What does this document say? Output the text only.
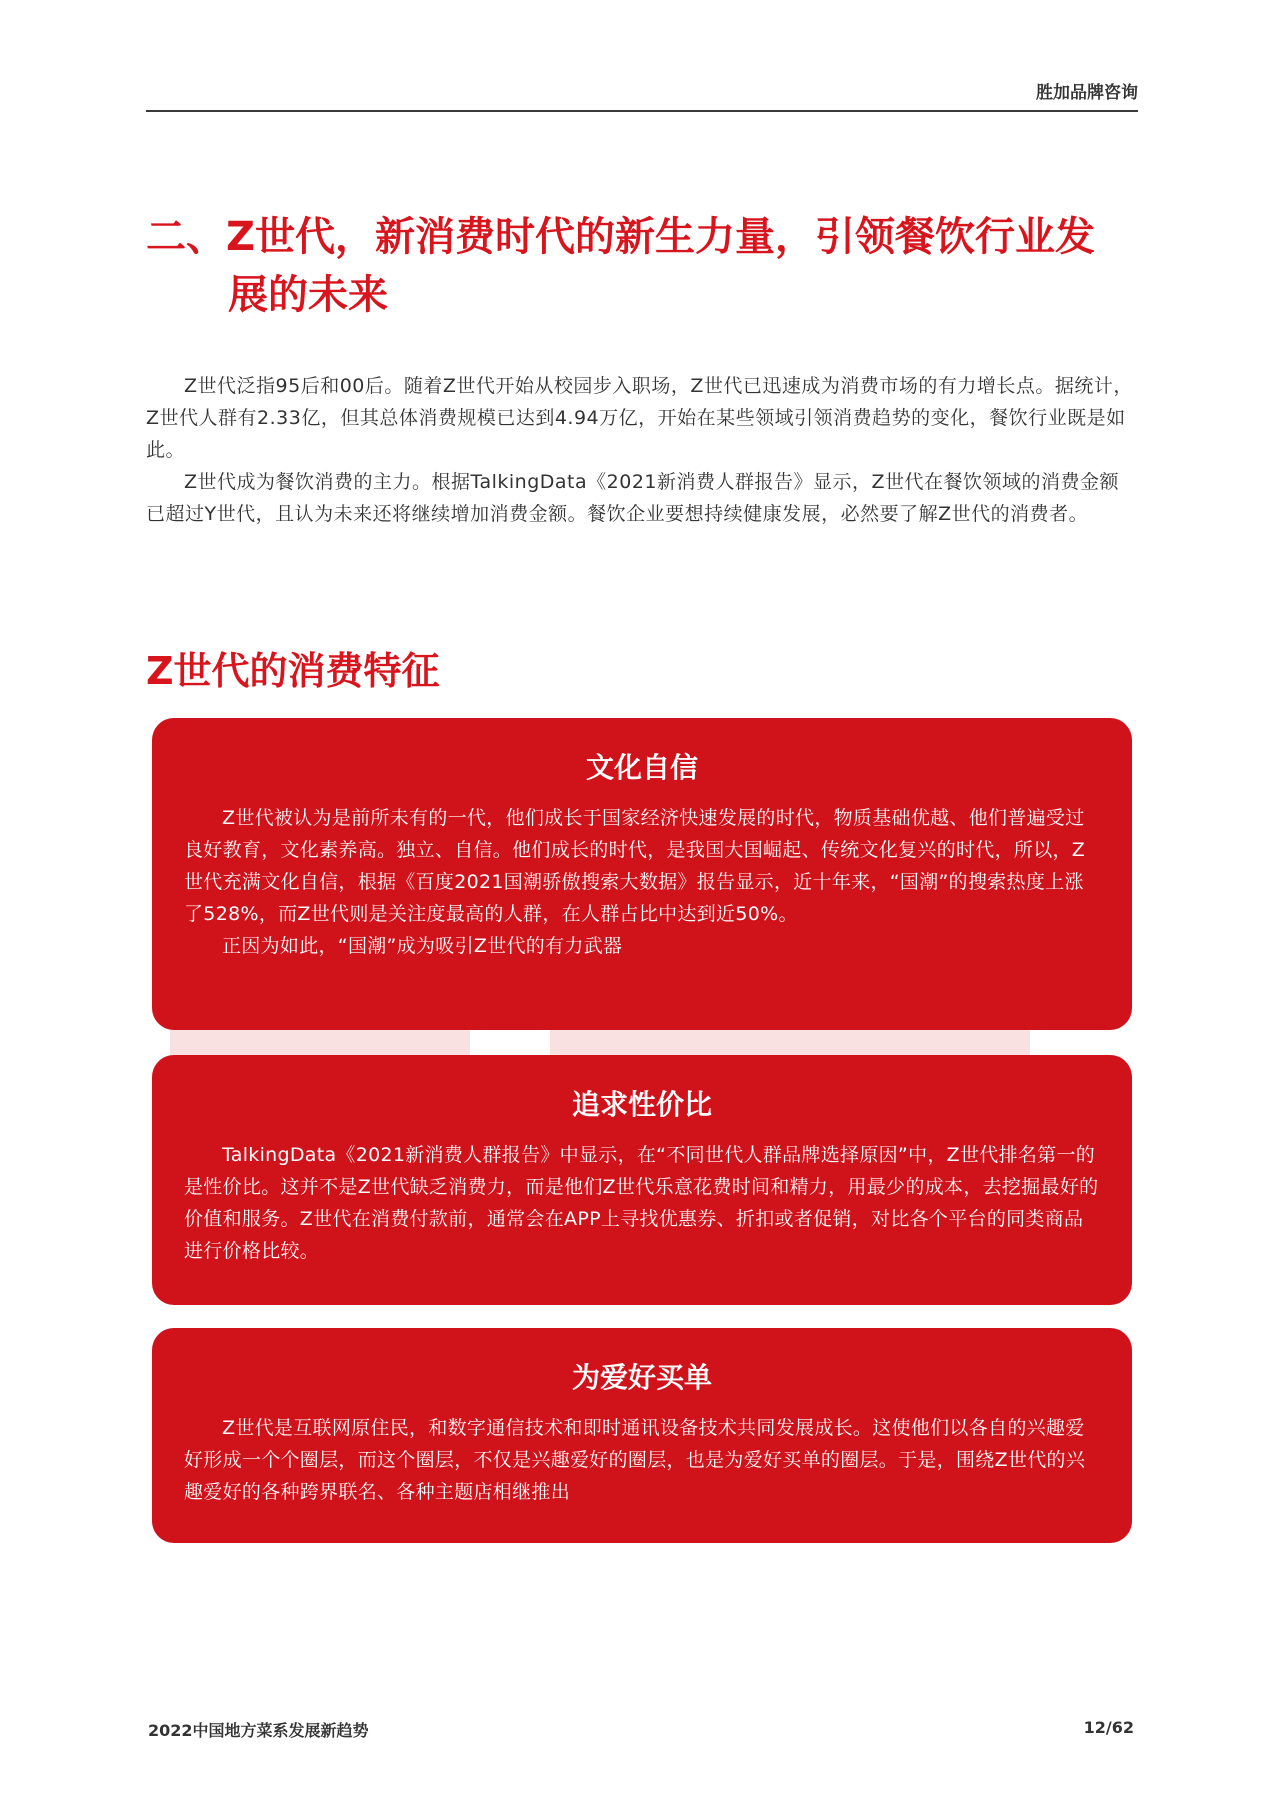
胜加品牌咨询
二、Z世代，新消费时代的新生力量，引领餐饮行业发
展的未来

Z世代泛指95后和00后。随着Z世代开始从校园步入职场，Z世代已迅速成为消费市场的有力增长点。据统计，Z世代人群有2.33亿，但其总体消费规模已达到4.94万亿，开始在某些领域引领消费趋势的变化，餐饮行业既是如此。

Z世代成为餐饮消费的主力。根据TalkingData《2021新消费人群报告》显示，Z世代在餐饮领域的消费金额已超过Y世代，且认为未来还将继续增加消费金额。餐饮企业要想持续健康发展，必然要了解Z世代的消费者。

Z世代的消费特征
文化自信

Z世代被认为是前所未有的一代，他们成长于国家经济快速发展的时代，物质基础优越、他们普遍受过良好教育，文化素养高。独立、自信。他们成长的时代，是我国大国崛起、传统文化复兴的时代，所以，Z世代充满文化自信，根据《百度2021国潮骄傲搜索大数据》报告显示，近十年来，“国潮”的搜索热度上涨了528%，而Z世代则是关注度最高的人群，在人群占比中达到近50%。

正因为如此，“国潮”成为吸引Z世代的有力武器

追求性价比

TalkingData《2021新消费人群报告》中显示，在“不同世代人群品牌选择原因”中，Z世代排名第一的是性价比。这并不是Z世代缺乏消费力，而是他们Z世代乐意花费时间和精力，用最少的成本，去挖掘最好的价值和服务。Z世代在消费付款前，通常会在APP上寻找优惠券、折扣或者促销，对比各个平台的同类商品进行价格比较。

为爱好买单

Z世代是互联网原住民，和数字通信技术和即时通讯设备技术共同发展成长。这使他们以各自的兴趣爱好形成一个个圈层，而这个圈层，不仅是兴趣爱好的圈层，也是为爱好买单的圈层。于是，围绕Z世代的兴趣爱好的各种跨界联名、各种主题店相继推出

2022中国地方菜系发展新趋势	12/62
